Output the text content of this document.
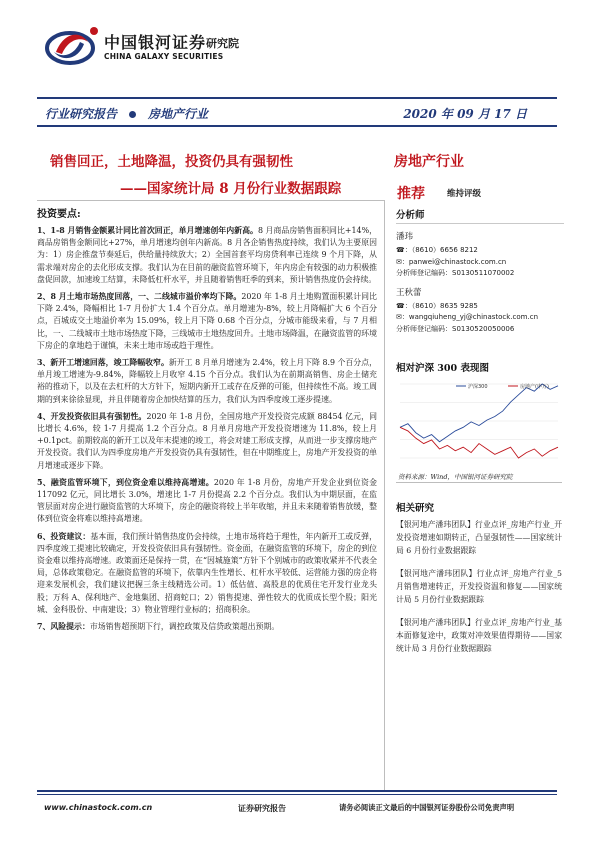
中国银河证券
CHINA GALAXY SECURITIES
研究院
行业研究报告	房地产行业	2020 年 09 月 17 日
销售回正，土地降温，投资仍具有强韧性
——国家统计局 8 月份行业数据跟踪
房地产行业
推荐	维持评级
投资要点:
1、1-8 月销售金额累计同比首次回正，单月增速创年内新高。8 月商品房销售面积同比+14%，商品房销售金额同比+27%，单月增速均创年内新高。8 月各企销售热度持续，我们认为主要原因为：1）房企推盘节奏延后，供给量持续放大；2）全国首套平均房贷利率已连续 9 个月下降，从需求端对房企的去化形成支撑。我们认为在目前的融资监管环境下，年内房企有较强的动力积极推盘促回款，加速竣工结算，未降低杠杆水平，并且随着销售旺季的到来，预计销售热度仍会持续。
2、8 月土地市场热度回落，一、二线城市溢价率均下降。2020 年 1-8 月土地购置面积累计同比下降 2.4%，降幅相比 1-7 月份扩大 1.4 个百分点。单月增速为-8%，较上月降幅扩大 6 个百分点，百城成交土地溢价率为 15.09%，较上月下降 0.68 个百分点，分城市能级来看，与 7 月相比，一、二线城市土地市场热度下降，三线城市土地热度回升。土地市场降温，在融资监管的环境下房企的拿地趋于谨慎，未来土地市场或趋于理性。
3、新开工增速回落，竣工降幅收窄。新开工 8 月单月增速为 2.4%，较上月下降 8.9 个百分点，单月竣工增速为-9.84%，降幅较上月收窄 4.15 个百分点。我们认为在前期高销售、房企土储充裕的推动下，以及在去杠杆的大方针下，短期内新开工或存在反弹的可能，但持续性不高。竣工周期的到来徐徐显现，并且伴随着房企加快结算的压力，我们认为四季度竣工逐步提速。
4、开发投资依旧具有强韧性。2020 年 1-8 月份，全国房地产开发投资完成额 88454 亿元，同比增长 4.6%，较 1-7 月提高 1.2 个百分点。8 月单月房地产开发投资增速为 11.8%，较上月+0.1pct。前期较高的新开工以及年末提速的竣工，将会对建工形成支撑，从而进一步支撑房地产开发投资。我们认为四季度房地产开发投资仍具有强韧性，但在中期维度上，房地产开发投资的单月增速或逐步下降。
5、融资监管环境下，到位资金难以维持高增速。2020 年 1-8 月份，房地产开发企业到位资金 117092 亿元，同比增长 3.0%，增速比 1-7 月份提高 2.2 个百分点。我们认为中期层面，在监管层面对房企进行融资监管的大环境下，房企的融资将较上半年收缩，并且未来随着销售放缓，整体到位资金将难以维持高增速。
6、投资建议：基本面，我们预计销售热度仍会持续，土地市场将趋于理性，年内新开工或反弹，四季度竣工提速比较确定，开发投资依旧具有强韧性。资金面，在融资监管的环境下，房企的到位资金难以维持高增速。政策面还是保持一贯，在“因城施策”方针下个别城市的政策收紧并不代表全局，总体政策稳定。在融资监管的环境下，依靠内生性增长、杠杆水平较低、运营能力强的房企将迎来发展机会，我们建议把握三条主线精选公司。1）低估值、高股息的优质住宅开发行业龙头股；万科 A、保利地产、金地集团、招商蛇口；2）销售提速、弹性较大的优质成长型个股；阳光城、金科股份、中南建设；3）物业管理行业标的；招商积余。
7、风险提示：市场销售超预期下行，调控政策及信贷政策超出预期。
分析师
潘玮
☎：（8610）6656 8212
✉：panwei@chinastock.com.cn
分析师登记编码：S0130511070002
王秋蕾
☎：（8610）8635 9285
✉：wangqiuheng_yj@chinastock.com.cn
分析师登记编码：S0130520050006
相对沪深 300 表现图
沪深300	房地产(申万)
资料来源：Wind，中国银河证券研究院
相关研究
【银河地产潘玮团队】行业点评_房地产行业_开发投资增速如期转正，凸显强韧性——国家统计局 6 月份行业数据跟踪
【银河地产潘玮团队】行业点评_房地产行业_5 月销售增速转正，开发投资温和修复——国家统计局 5 月份行业数据跟踪
【银河地产潘玮团队】行业点评_房地产行业_基本面修复途中，政策对冲效果值得期待——国家统计局 3 月份行业数据跟踪
www.chinastock.com.cn	证券研究报告	请务必阅读正文最后的中国银河证券股份公司免责声明
